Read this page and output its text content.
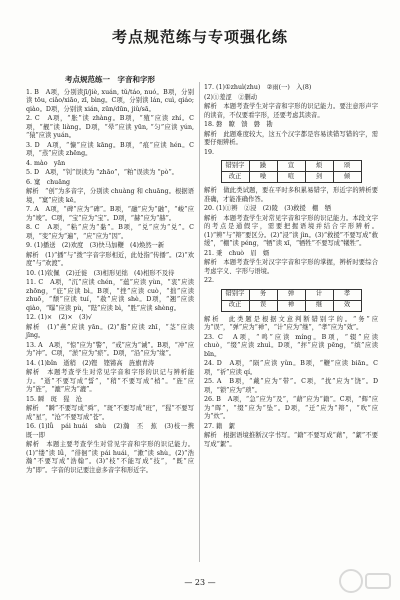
考点规范练与专项强化练
考点规范练一　字音和字形
1. B　A项，分别读jī/jiè, xuán, tǔ/táo, nuó。B项，分别读 tōu, ciǎo/xiāo, zī, bìng。C项，分别读 lán, cuì, qiáo; qiào。D项，分别读 xián, zūn/dūn, jiǔ/sā。
2. C　A项，“胀”读 zhàng。B项，“殖”应读 zhí。C项，“靓”读 liàng。D项，“晕”应读 yūn, “匀”应读 yún, “猿”应读 yuán。
3. D　A项，“慷”应读 kāng。B项，“痕”应读 hén。C项，“蒸”应读 zhēng。
4. mào　yān
5. D　A项，“钊”误读为 “zhāo”，“粕”误读为 “pò”。
6. 窠　chuāng
解析　“创”为多音字，分别读 chuàng 和 chuāng。根据语境，“窠”应读 kē。
7. A　A项，“碑”应为“碑”。B项，“融”应为“融”，“峻”应为“竣”。C项，“宝”应为“宝”。D项，“赫”应为“赫”。
8. C　A项，“粘”应为“黏”。B项，“兑”应为“兑”。C项，“变”应为“遍”，“应”应为“因”。
9. (1)播送　(2)欢度　(3)快马加鞭　(4)焕然一新
解析　(1)“播”与“拨”字音字形相近，此处指“传播”。(2)“欢度”与“欢渡”。
10. (1)钦佩　(2)迁徙　(3)相形见绌　(4)相形不及待
11. C　A项，“沉”应读 chén，“蕴”应读 yùn，“衷”应读 zhōng，“庇”应读 bì。B项，“挫”应读 cuò，“拙”应读 zhuō，“颓”应读 tuí，“赦”应读 shè。D项，“翘”应读 qiào，“曝”应读 pù，“陛”应读 bì，“胜”应读 shèng。
12. (1)×　(2)×　(3)√
解析　(1)“燕”应读 yān。(2)“脂”应读 zhī，“茎”应读 jīng。
13. A　A项，“惊”应为“警”，“戒”应为“诫”。B项，“冲”应为“冲”。C项，“淤”应为“瘀”。D项，“沿”应为“缘”。
14. (1)bǐn　逝稍　(2)铿　铿锵高　旌旗青涛
解析　本题考查学生对常见字音和字形的识记与辨析能力。“逝”不要写成“誓”，“稍”不要写成“梢”。“旌”应为“旌”，“漉”应为“漉”。
15. 瞬　斑　猩　沧
解析　“瞬”不要写成“舜”，“斑”不要写成“班”，“猩”不要写成“星”，“沧”不要写成“苍”。
16. (1)lǚ　pái huái　shù　(2)瀚　丕　蕉　(3)枝一携　既一即
解析　本题主要考查学生对常见字音和字形的识记能力。(1)“缕”读 lǚ，“徘徊”读 pái huái，“漱”读 shù。(2)“浩瀚”不要写成“浩翰”。(3)“枝”不能写成“技”，“既”应为“即”。字音的识记要注意多音字和形近字。
17. (1)①zhuì(zhu)　②雨(一)　入(8)
(2)①羞涩　②删动
解析　本题考查学生对字音和字形的识记能力。要注意形声字的读音，不仅要看字形，还要考虑其读音。
18. 磐　瞭　馈　磐　勘
解析　此题难度较大，这五个汉字都是容易读错写错的字，需要仔细辨析。
19.
错别字	躁	宣	烦	颂
改正	噪	喧	剑	倾
解析　做此类试题，要在平时多积累易错字，形近字的辨析要准确，才能准确作答。
20. (1)①辨　②浸　(2)陵　(3)救援　棚　牺
解析　本题考查学生对常见字音和字形的识记能力。本段文字的考点是通假字，需要把握语境并结合字形辨析。(1)“辨”与“辩”要区分。(2)“浸”读 jìn。(3)“救援”不要写成“救缓”，“棚”读 péng，“牺”读 xī，“牺牲”不要写成“犧牲”。
21. 秉　chuò　眉　婿
解析　本题考查学生对汉字字音和字形的掌握，辨析时要综合考虑字义、字形与语境。
22.
错别字	务	弹	计	孝
改正	误	禅	继	效
解析　此类题是根据文意判断错别字的。“务”应为“误”，“弹”应为“禅”，“计”应为“继”，“孝”应为“效”。
23. C　A项，“鸣”应读 míng。B项，“辍”应读 chuò，“缀”应读 zhuì。D项，“抨”应读 pēng，“缤”应读 bīn。
24. D　A项，“陨”应读 yǔn。B项，“鞭”应读 biān。C项，“祈”应读 qí。
25. A　B项，“戴”应为“带”。C项，“扰”应为“饶”。D项，“锁”应为“琐”。
26. B　A项，“急”应为“及”，“藉”应为“籍”。C项，“辉”应为“晖”，“缀”应为“坠”。D项，“迁”应为“辩”，“吹”应为“炊”。
27. 籍　絮
解析　根据语境推断汉字书写。“籍”不要写成“藉”，“絮”不要写成“絮”。
— 23 —
